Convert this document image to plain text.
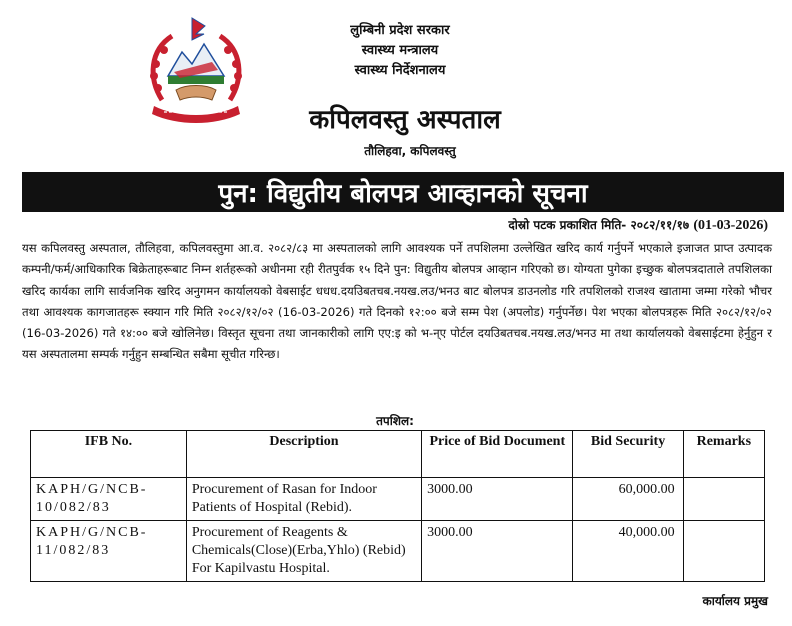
लुम्बिनी प्रदेश सरकार
स्वास्थ्य मन्त्रालय
स्वास्थ्य निर्देशनालय
कपिलवस्तु अस्पताल
तौलिहवा, कपिलवस्तु
पुन: विद्युतीय बोलपत्र आव्हानको सूचना
दोस्रो पटक प्रकाशित मिति- २०८२/११/१७ (01-03-2026)
यस कपिलवस्तु अस्पताल, तौलिहवा, कपिलवस्तुमा आ.व. २०८२/८३ मा अस्पतालको लागि आवश्यक पर्ने तपशिलमा उल्लेखित खरिद कार्य गर्नुपर्ने भएकाले इजाजत प्राप्त उत्पादक कम्पनी/फर्म/आधिकारिक बिक्रेताहरूबाट निम्न शर्तहरूको अधीनमा रही रीतपुर्वक १५ दिने पुन: विद्युतीय बोलपत्र आव्हान गरिएको छ। योग्यता पुगेका इच्छुक बोलपत्रदाताले तपशिलका खरिद कार्यका लागि सार्वजनिक खरिद अनुगमन कार्यालयको वेबसाईट धधध.दयउिबतचब.नयख.लउ/भनउ बाट बोलपत्र डाउनलोड गरि तपशिलको राजश्व खातामा जम्मा गरेको भौचर तथा आवश्यक कागजातहरू स्क्यान गरि मिति २०८२/१२/०२ (16-03-2026) गते दिनको १२:०० बजे सम्म पेश (अपलोड) गर्नुपर्नेछ। पेश भएका बोलपत्रहरू मिति २०८२/१२/०२ (16-03-2026) गते १४:०० बजे खोलिनेछ। विस्तृत सूचना तथा जानकारीको लागि एए:इ को भ-न्ए पोर्टल दयउिबतचब.नयख.लउ/भनउ मा तथा कार्यालयको वेबसाईटमा हेर्नुहुन र यस अस्पतालमा सम्पर्क गर्नुहुन सम्बन्धित सबैमा सूचीत गरिन्छ।
तपशिल:
IFB No.	Description	Price of Bid Document	Bid Security	Remarks
KAPH/G/NCB-10/082/83	Procurement of Rasan for Indoor Patients of Hospital (Rebid).	3000.00	60,000.00	
KAPH/G/NCB-11/082/83	Procurement of Reagents & Chemicals(Close)(Erba,Yhlo) (Rebid) For Kapilvastu Hospital.	3000.00	40,000.00	
कार्यालय प्रमुख
